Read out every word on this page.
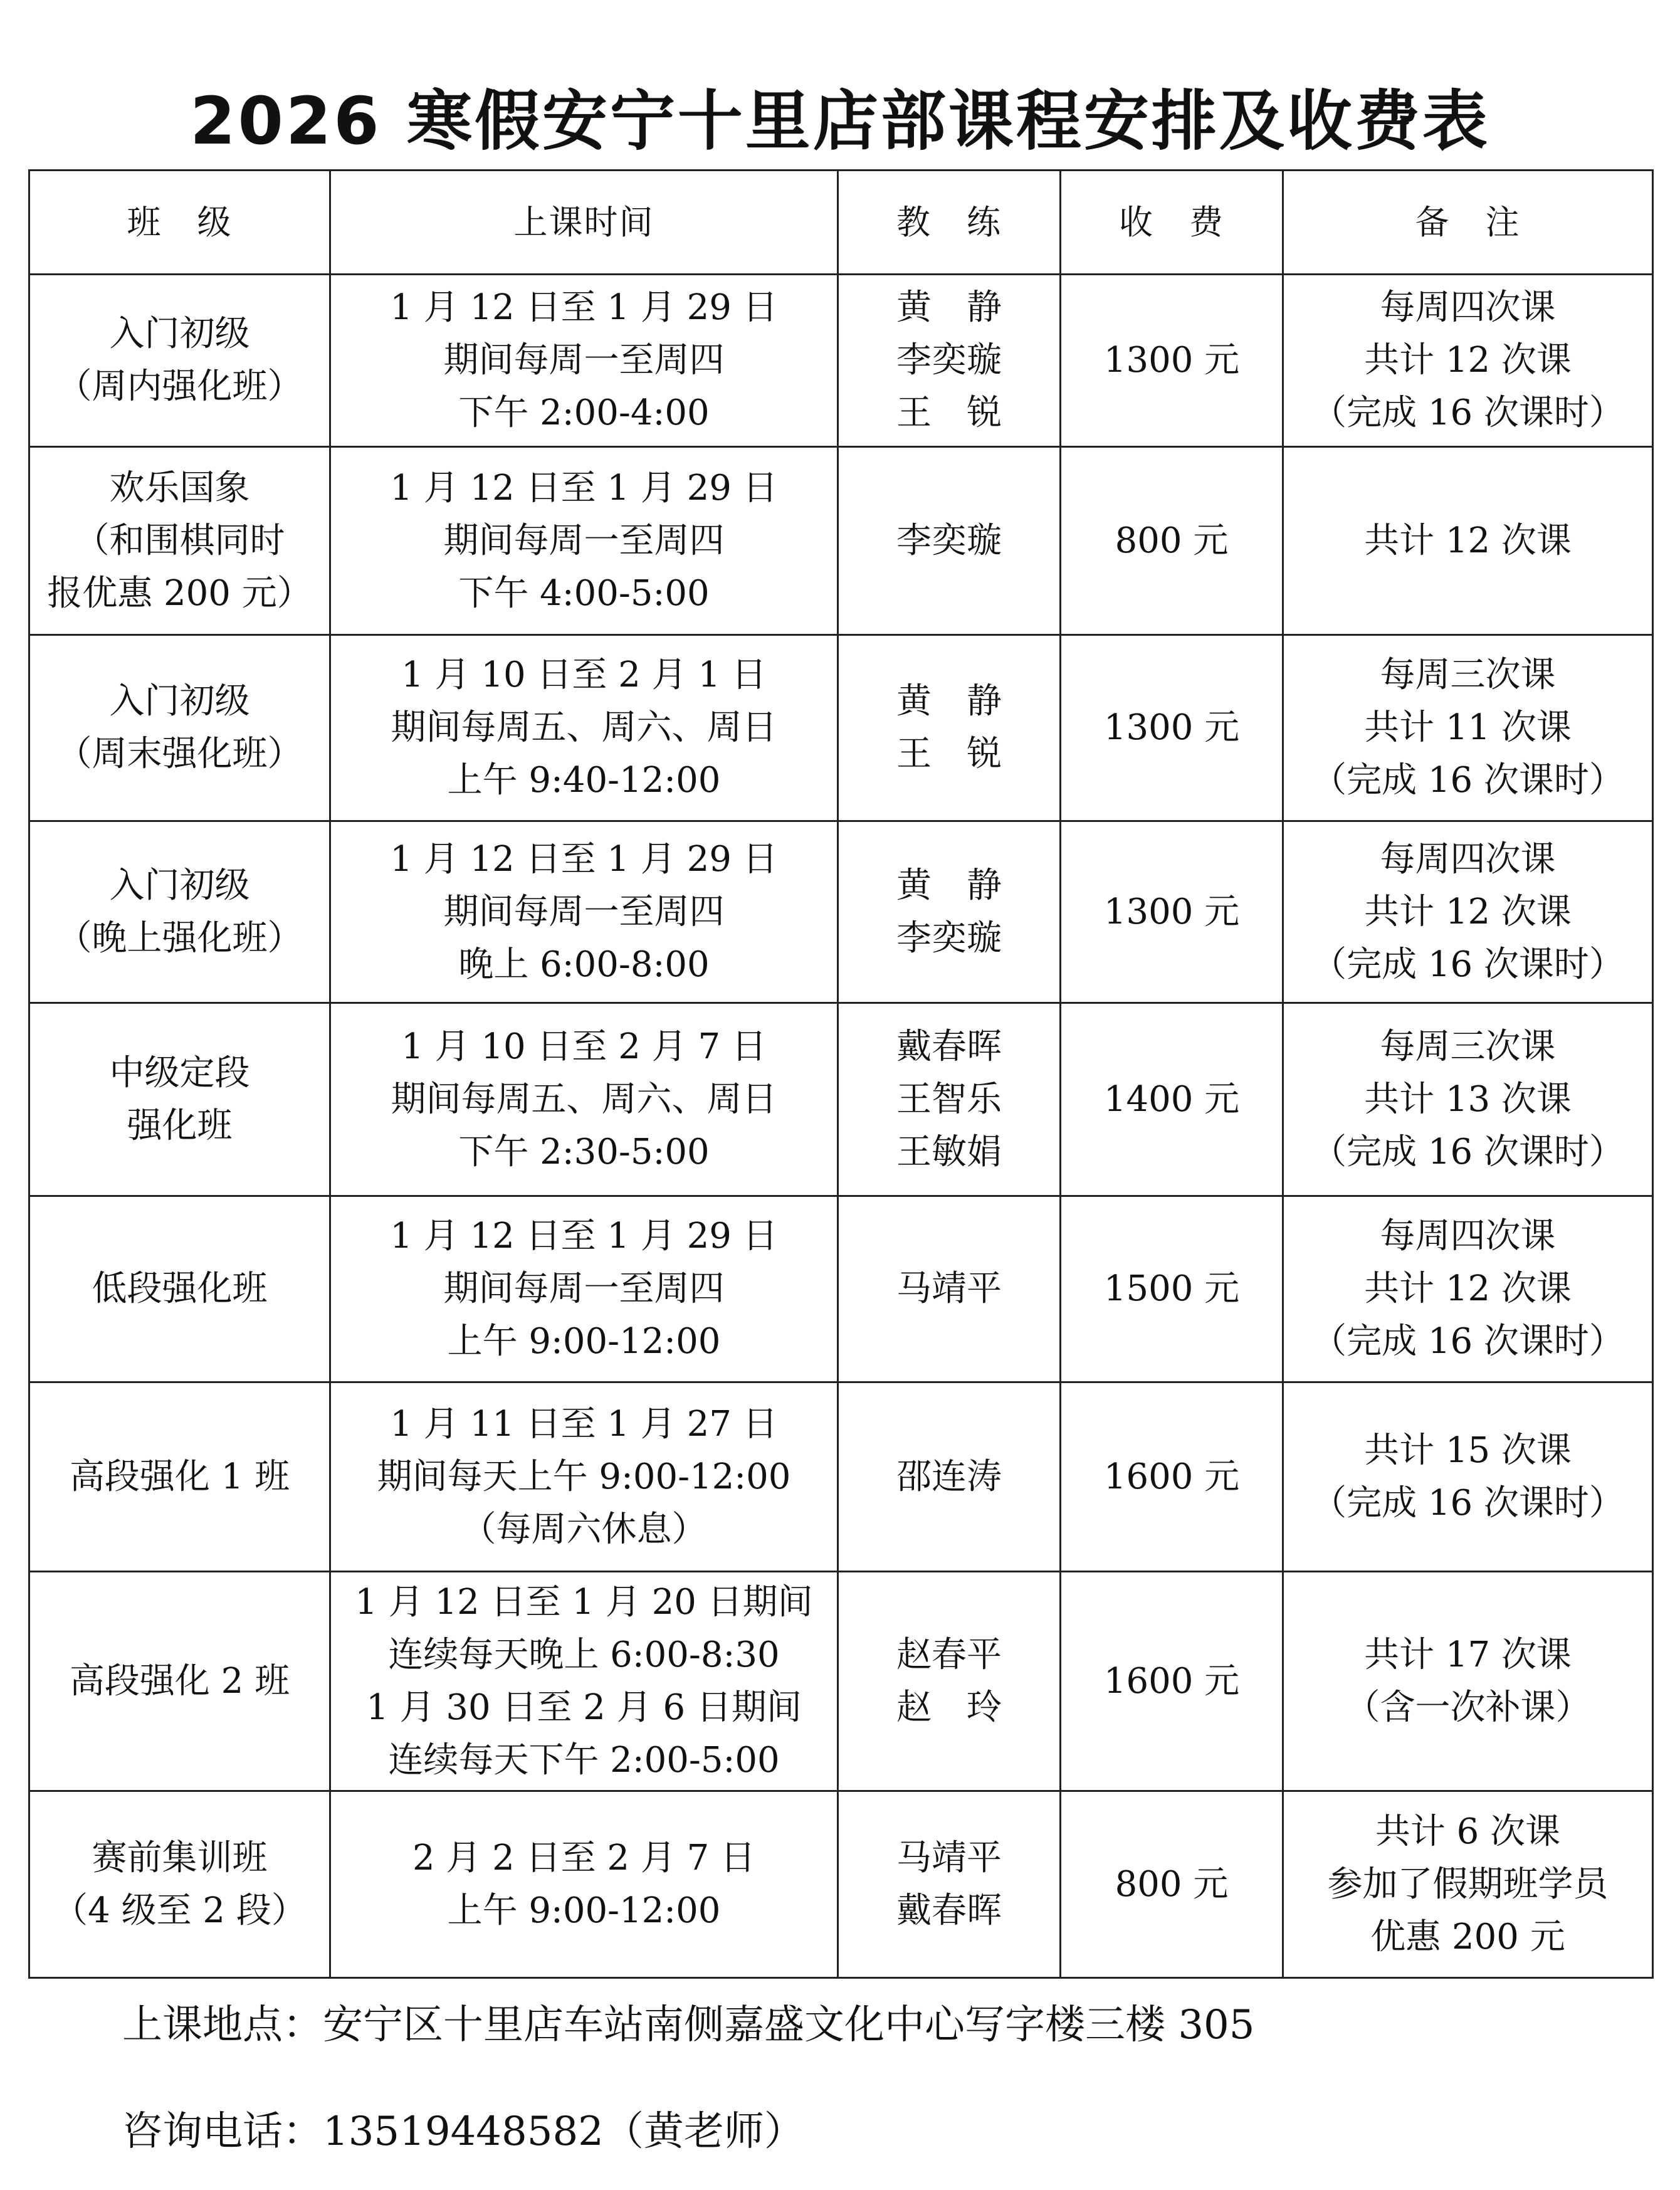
2026 寒假安宁十里店部课程安排及收费表
班　级	上课时间	教　练	收　费	备　注

入门初级
（周内强化班）	1 月 12 日至 1 月 29 日
期间每周一至周四
下午 2:00-4:00	黄　静
李奕璇
王　锐	1300 元	每周四次课
共计 12 次课
（完成 16 次课时）

欢乐国象
（和围棋同时
报优惠 200 元）	1 月 12 日至 1 月 29 日
期间每周一至周四
下午 4:00-5:00	李奕璇	800 元	共计 12 次课

入门初级
（周末强化班）	1 月 10 日至 2 月 1 日
期间每周五、周六、周日
上午 9:40-12:00	黄　静
王　锐	1300 元	每周三次课
共计 11 次课
（完成 16 次课时）

入门初级
（晚上强化班）	1 月 12 日至 1 月 29 日
期间每周一至周四
晚上 6:00-8:00	黄　静
李奕璇	1300 元	每周四次课
共计 12 次课
（完成 16 次课时）

中级定段
强化班	1 月 10 日至 2 月 7 日
期间每周五、周六、周日
下午 2:30-5:00	戴春晖
王智乐
王敏娟	1400 元	每周三次课
共计 13 次课
（完成 16 次课时）

低段强化班	1 月 12 日至 1 月 29 日
期间每周一至周四
上午 9:00-12:00	马靖平	1500 元	每周四次课
共计 12 次课
（完成 16 次课时）

高段强化 1 班	1 月 11 日至 1 月 27 日
期间每天上午 9:00-12:00
（每周六休息）	邵连涛	1600 元	共计 15 次课
（完成 16 次课时）

高段强化 2 班	1 月 12 日至 1 月 20 日期间
连续每天晚上 6:00-8:30
1 月 30 日至 2 月 6 日期间
连续每天下午 2:00-5:00	赵春平
赵　玲	1600 元	共计 17 次课
（含一次补课）

赛前集训班
（4 级至 2 段）	2 月 2 日至 2 月 7 日
上午 9:00-12:00	马靖平
戴春晖	800 元	共计 6 次课
参加了假期班学员
优惠 200 元
上课地点：安宁区十里店车站南侧嘉盛文化中心写字楼三楼 305
咨询电话：13519448582（黄老师）
